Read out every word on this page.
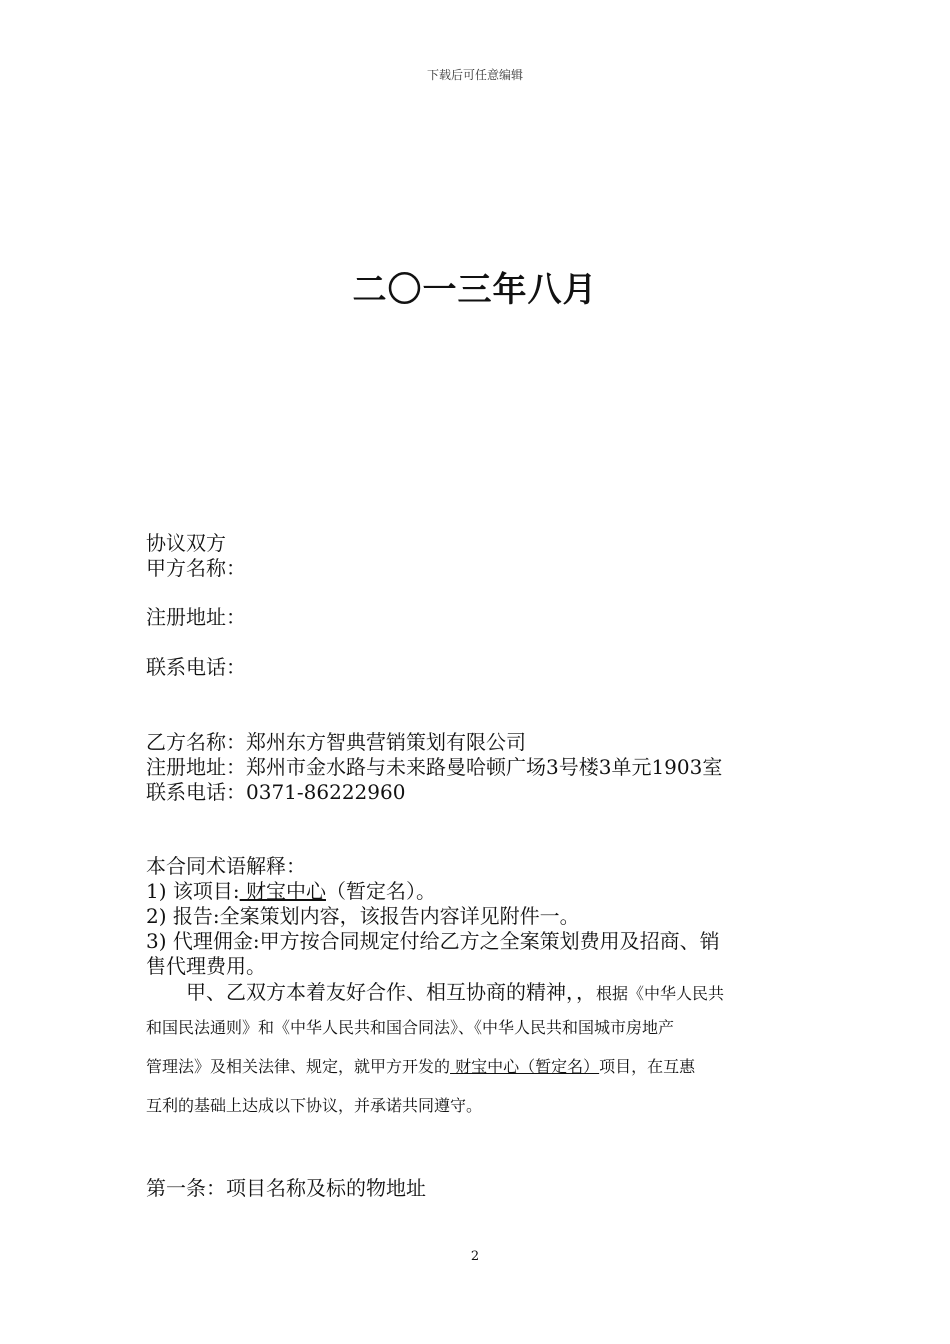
下载后可任意编辑
二〇一三年八月
协议双方
甲方名称：
注册地址：
联系电话：
乙方名称：郑州东方智典营销策划有限公司
注册地址：郑州市金水路与未来路曼哈顿广场3号楼3单元1903室
联系电话：0371-86222960
本合同术语解释：
1) 该项目: 财宝中心（暂定名）。
2) 报告:全案策划内容，该报告内容详见附件一。
3) 代理佣金:甲方按合同规定付给乙方之全案策划费用及招商、销
售代理费用。
　　甲、乙双方本着友好合作、相互协商的精神，，根据《中华人民共
和国民法通则》和《中华人民共和国合同法》、《中华人民共和国城市房地产
管理法》及相关法律、规定，就甲方开发的 财宝中心（暂定名）项目，在互惠
互利的基础上达成以下协议，并承诺共同遵守。
第一条：项目名称及标的物地址
2
